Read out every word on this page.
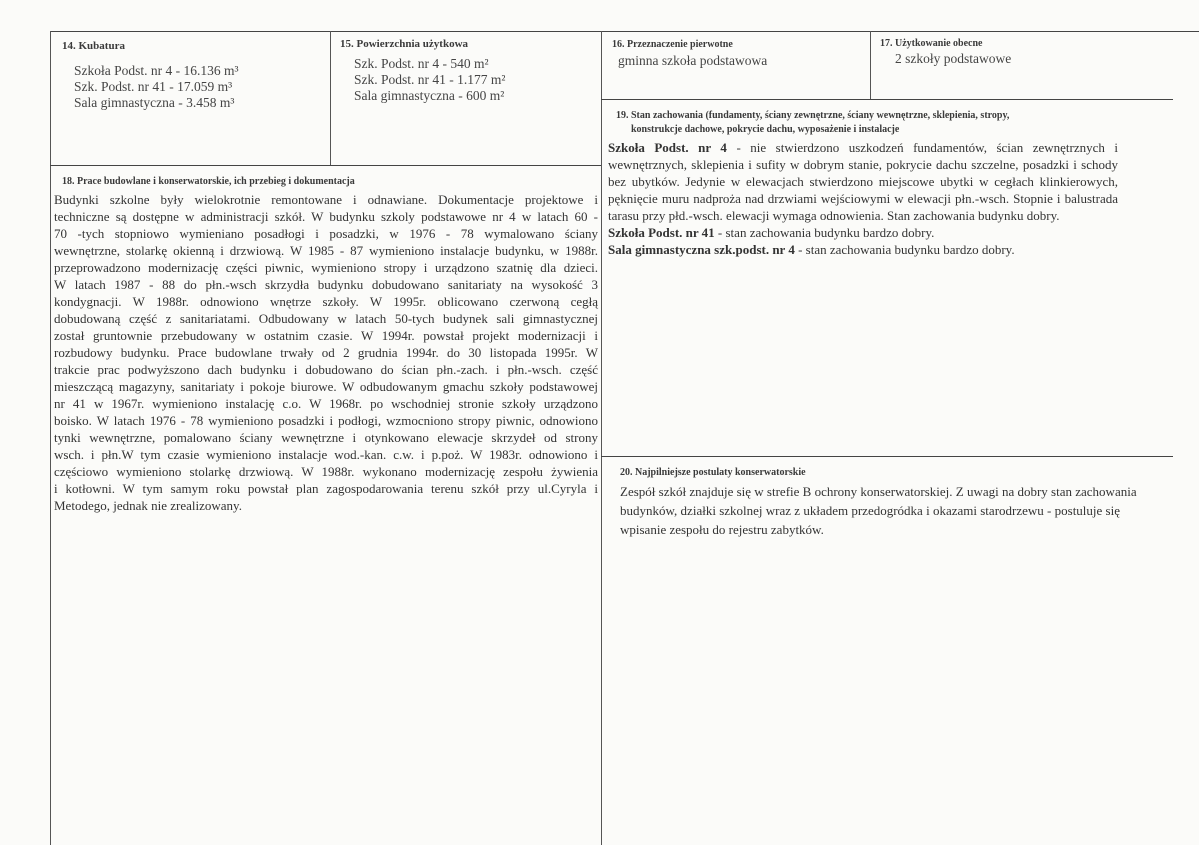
14. Kubatura
Szkoła Podst. nr 4 - 16.136 m³
Szk. Podst. nr 41 - 17.059 m³
Sala gimnastyczna - 3.458 m³
15. Powierzchnia użytkowa
Szk. Podst. nr 4 - 540 m²
Szk. Podst. nr 41 - 1.177 m²
Sala gimnastyczna - 600 m²
16. Przeznaczenie pierwotne
gminna szkoła podstawowa
17. Użytkowanie obecne
2 szkoły podstawowe
18. Prace budowlane i konserwatorskie, ich przebieg i dokumentacja
Budynki szkolne były wielokrotnie remontowane i odnawiane. Dokumentacje projektowe i
techniczne są dostępne w administracji szkół. W budynku szkoly podstawowe nr 4 w latach 60 -
70 -tych stopniowo wymieniano posadłogi i posadzki, w 1976 - 78 wymalowano ściany
wewnętrzne, stolarkę okienną i drzwiową. W 1985 - 87 wymieniono instalacje budynku, w 1988r.
przeprowadzono modernizację części piwnic, wymieniono stropy i urządzono szatnię dla dzieci.
W latach 1987 - 88 do płn.-wsch skrzydła budynku dobudowano sanitariaty na wysokość 3
kondygnacji. W 1988r. odnowiono wnętrze szkoły. W 1995r. oblicowano czerwoną cegłą
dobudowaną część z sanitariatami. Odbudowany w latach 50-tych budynek sali gimnastycznej
został gruntownie przebudowany w ostatnim czasie. W 1994r. powstał projekt modernizacji i
rozbudowy budynku. Prace budowlane trwały od 2 grudnia 1994r. do 30 listopada 1995r. W
trakcie prac podwyższono dach budynku i dobudowano do ścian płn.-zach. i płn.-wsch. część
mieszczącą magazyny, sanitariaty i pokoje biurowe. W odbudowanym gmachu szkoły podstawowej
nr 41 w 1967r. wymieniono instalację c.o. W 1968r. po wschodniej stronie szkoły urządzono
boisko. W latach 1976 - 78 wymieniono posadzki i podłogi, wzmocniono stropy piwnic, odnowiono
tynki wewnętrzne, pomalowano ściany wewnętrzne i otynkowano elewacje skrzydeł od strony
wsch. i płn.W tym czasie wymieniono instalacje wod.-kan. c.w. i p.poż. W 1983r. odnowiono i
częściowo wymieniono stolarkę drzwiową. W 1988r. wykonano modernizację zespołu żywienia
i kotłowni. W tym samym roku powstał plan zagospodarowania terenu szkół przy ul.Cyryla i
Metodego, jednak nie zrealizowany.
19. Stan zachowania (fundamenty, ściany zewnętrzne, ściany wewnętrzne, sklepienia, stropy,
konstrukcje dachowe, pokrycie dachu, wyposażenie i instalacje
Szkoła Podst. nr 4 - nie stwierdzono uszkodzeń fundamentów, ścian zewnętrznych i
wewnętrznych, sklepienia i sufity w dobrym stanie, pokrycie dachu szczelne, posadzki i schody
bez ubytków. Jedynie w elewacjach stwierdzono miejscowe ubytki w cegłach klinkierowych,
pęknięcie muru nadproża nad drzwiami wejściowymi w elewacji płn.-wsch. Stopnie i balustrada
tarasu przy płd.-wsch. elewacji wymaga odnowienia. Stan zachowania budynku dobry.
Szkoła Podst. nr 41 - stan zachowania budynku bardzo dobry.
Sala gimnastyczna szk.podst. nr 4 - stan zachowania budynku bardzo dobry.
20. Najpilniejsze postulaty konserwatorskie
Zespół szkół znajduje się w strefie B ochrony konserwatorskiej. Z uwagi na dobry stan zachowania
budynków, działki szkolnej wraz z układem przedogródka i okazami starodrzewu - postuluje się
wpisanie zespołu do rejestru zabytków.
